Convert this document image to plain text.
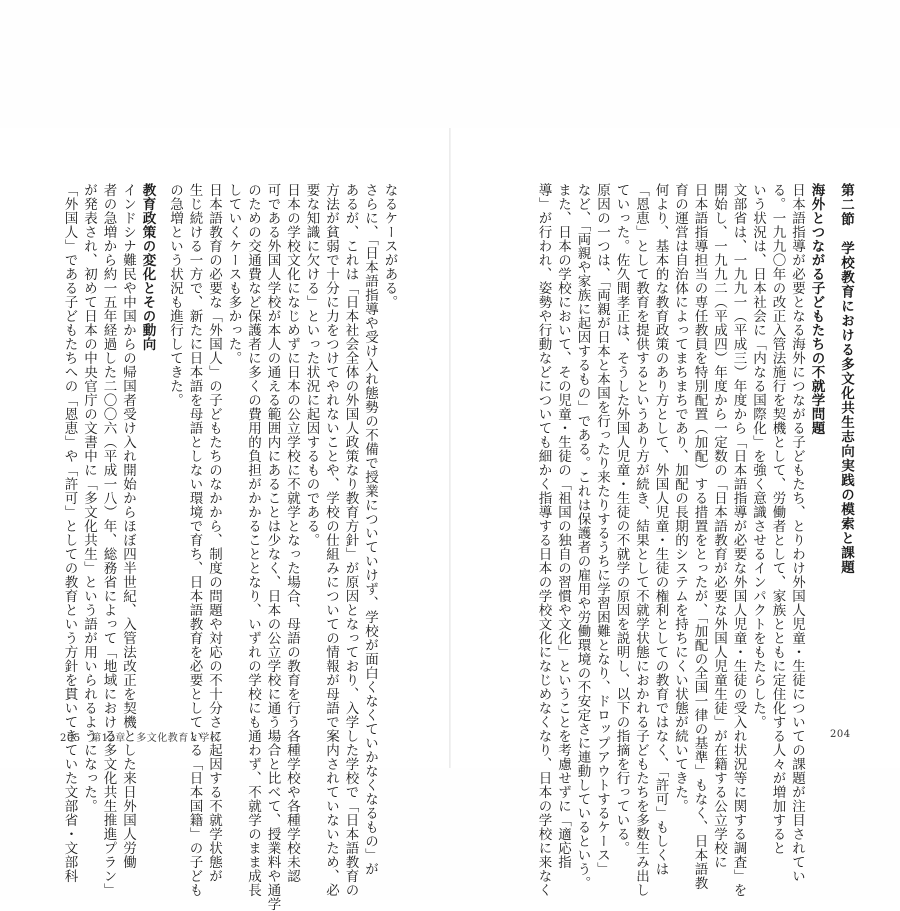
第二節　学校教育における多文化共生志向実践の模索と課題
海外とつながる子どもたちの不就学問題
日本語指導が必要となる海外につながる子どもたち、とりわけ外国人児童・生徒についての課題が注目されてい
る。一九九〇年の改正入管法施行を契機として、労働者として、家族とともに定住化する人々が増加すると
いう状況は、日本社会に「内なる国際化」を強く意識させるインパクトをもたらした。
文部省は、一九九一（平成三）年度から「日本語指導が必要な外国人児童・生徒の受入れ状況等に関する調査」を
開始し、一九九二（平成四）年度から一定数の「日本語教育が必要な外国人児童生徒」が在籍する公立学校に
日本語指導担当の専任教員を特別配置（加配）する措置をとったが、「加配の全国一律の基準」もなく、日本語教
育の運営は自治体によってまちまちであり、加配の長期的システムを持ちにくい状態が続いてきた。
何より、基本的な教育政策のあり方として、外国人児童・生徒の権利としての教育ではなく、「許可」もしくは
「恩恵」として教育を提供するというあり方が続き、結果として不就学状態におかれる子どもたちを多数生み出し
ていった。佐久間孝正は、そうした外国人児童・生徒の不就学の原因を説明し、以下の指摘を行っている。
原因の一つは、「両親が日本と本国を行ったり来たりするうちに学習困難となり、ドロップアウトするケース」
など、「両親や家族に起因するもの」である。これは保護者の雇用や労働環境の不安定さに連動しているという。
また、日本の学校において、その児童・生徒の「祖国の独自の習慣や文化」ということを考慮せずに「適応指
導」が行われ、姿勢や行動などについても細かく指導する日本の学校文化になじめなくなり、日本の学校に来なく	204
なるケースがある。
さらに、「日本語指導や受け入れ態勢の不備で授業についていけず、学校が面白くなくていかなくなるもの」が
あるが、これは「日本社会全体の外国人政策なり教育方針」が原因となっており、入学した学校で「日本語教育の
方法が貧弱で十分に力をつけてやれないことや、学校の仕組みについての情報が母語で案内されていないため、必
要な知識に欠ける」といった状況に起因するものである。
日本の学校文化になじめずに日本の公立学校に不就学となった場合、母語の教育を行う各種学校や各種学校未認
可である外国人学校が本人の通える範囲内にあることは少なく、日本の公立学校に通う場合と比べて、授業料や通学
のための交通費など保護者に多くの費用的負担がかかることとなり、いずれの学校にも通わず、不就学のまま成長
していくケースも多かった。
日本語教育の必要な「外国人」の子どもたちのなかから、制度の問題や対応の不十分さに起因する不就学状態が
生じ続ける一方で、新たに日本語を母語としない環境で育ち、日本語教育を必要としている「日本国籍」の子ども
の急増という状況も進行してきた。
教育政策の変化とその動向
インドシナ難民や中国からの帰国者受け入れ開始からほぼ四半世紀、入管法改正を契機とした来日外国人労働
者の急増から約一五年経過した二〇〇六（平成一八）年、総務省によって「地域における多文化共生推進プラン」
が発表され、初めて日本の中央官庁の文書中に「多文化共生」という語が用いられるようになった。
「外国人」である子どもたちへの「恩恵」や「許可」としての教育という方針を貫いてきていた文部省・文部科
205　第12章　多文化教育と学校
